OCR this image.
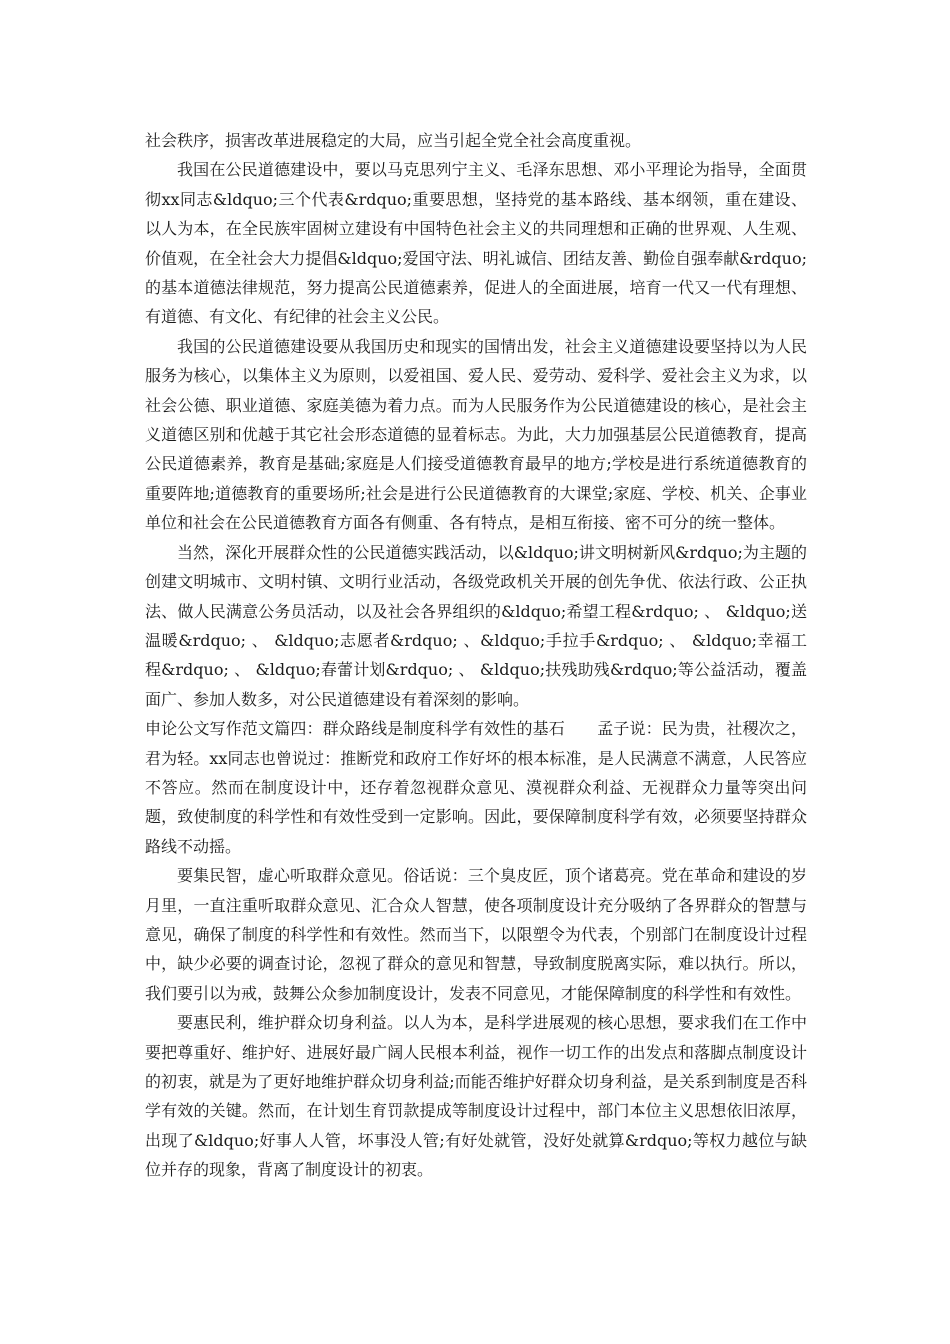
社会秩序，损害改革进展稳定的大局，应当引起全党全社会高度重视。

我国在公民道德建设中，要以马克思列宁主义、毛泽东思想、邓小平理论为指导，全面贯彻xx同志&ldquo;三个代表&rdquo;重要思想，坚持党的基本路线、基本纲领，重在建设、以人为本，在全民族牢固树立建设有中国特色社会主义的共同理想和正确的世界观、人生观、价值观，在全社会大力提倡&ldquo;爱国守法、明礼诚信、团结友善、勤俭自强奉献&rdquo;的基本道德法律规范，努力提高公民道德素养，促进人的全面进展，培育一代又一代有理想、有道德、有文化、有纪律的社会主义公民。

我国的公民道德建设要从我国历史和现实的国情出发，社会主义道德建设要坚持以为人民服务为核心，以集体主义为原则，以爱祖国、爱人民、爱劳动、爱科学、爱社会主义为求，以社会公德、职业道德、家庭美德为着力点。而为人民服务作为公民道德建设的核心，是社会主义道德区别和优越于其它社会形态道德的显着标志。为此，大力加强基层公民道德教育，提高公民道德素养，教育是基础;家庭是人们接受道德教育最早的地方;学校是进行系统道德教育的重要阵地;道德教育的重要场所;社会是进行公民道德教育的大课堂;家庭、学校、机关、企事业单位和社会在公民道德教育方面各有侧重、各有特点，是相互衔接、密不可分的统一整体。

当然，深化开展群众性的公民道德实践活动，以&ldquo;讲文明树新风&rdquo;为主题的创建文明城市、文明村镇、文明行业活动，各级党政机关开展的创先争优、依法行政、公正执法、做人民满意公务员活动，以及社会各界组织的&ldquo;希望工程&rdquo; 、 &ldquo;送温暖&rdquo; 、 &ldquo;志愿者&rdquo; 、&ldquo;手拉手&rdquo; 、 &ldquo;幸福工程&rdquo; 、 &ldquo;春蕾计划&rdquo; 、 &ldquo;扶残助残&rdquo;等公益活动，覆盖面广、参加人数多，对公民道德建设有着深刻的影响。

申论公文写作范文篇四：群众路线是制度科学有效性的基石　　孟子说：民为贵，社稷次之，君为轻。xx同志也曾说过：推断党和政府工作好坏的根本标准，是人民满意不满意，人民答应不答应。然而在制度设计中，还存着忽视群众意见、漠视群众利益、无视群众力量等突出问题，致使制度的科学性和有效性受到一定影响。因此，要保障制度科学有效，必须要坚持群众路线不动摇。

要集民智，虚心听取群众意见。俗话说：三个臭皮匠，顶个诸葛亮。党在革命和建设的岁月里，一直注重听取群众意见、汇合众人智慧，使各项制度设计充分吸纳了各界群众的智慧与意见，确保了制度的科学性和有效性。然而当下，以限塑令为代表，个别部门在制度设计过程中，缺少必要的调查讨论，忽视了群众的意见和智慧，导致制度脱离实际，难以执行。所以，我们要引以为戒，鼓舞公众参加制度设计，发表不同意见，才能保障制度的科学性和有效性。

要惠民利，维护群众切身利益。以人为本，是科学进展观的核心思想，要求我们在工作中要把尊重好、维护好、进展好最广阔人民根本利益，视作一切工作的出发点和落脚点制度设计的初衷，就是为了更好地维护群众切身利益;而能否维护好群众切身利益，是关系到制度是否科学有效的关键。然而，在计划生育罚款提成等制度设计过程中，部门本位主义思想依旧浓厚，出现了&ldquo;好事人人管，坏事没人管;有好处就管，没好处就算&rdquo;等权力越位与缺位并存的现象，背离了制度设计的初衷。
